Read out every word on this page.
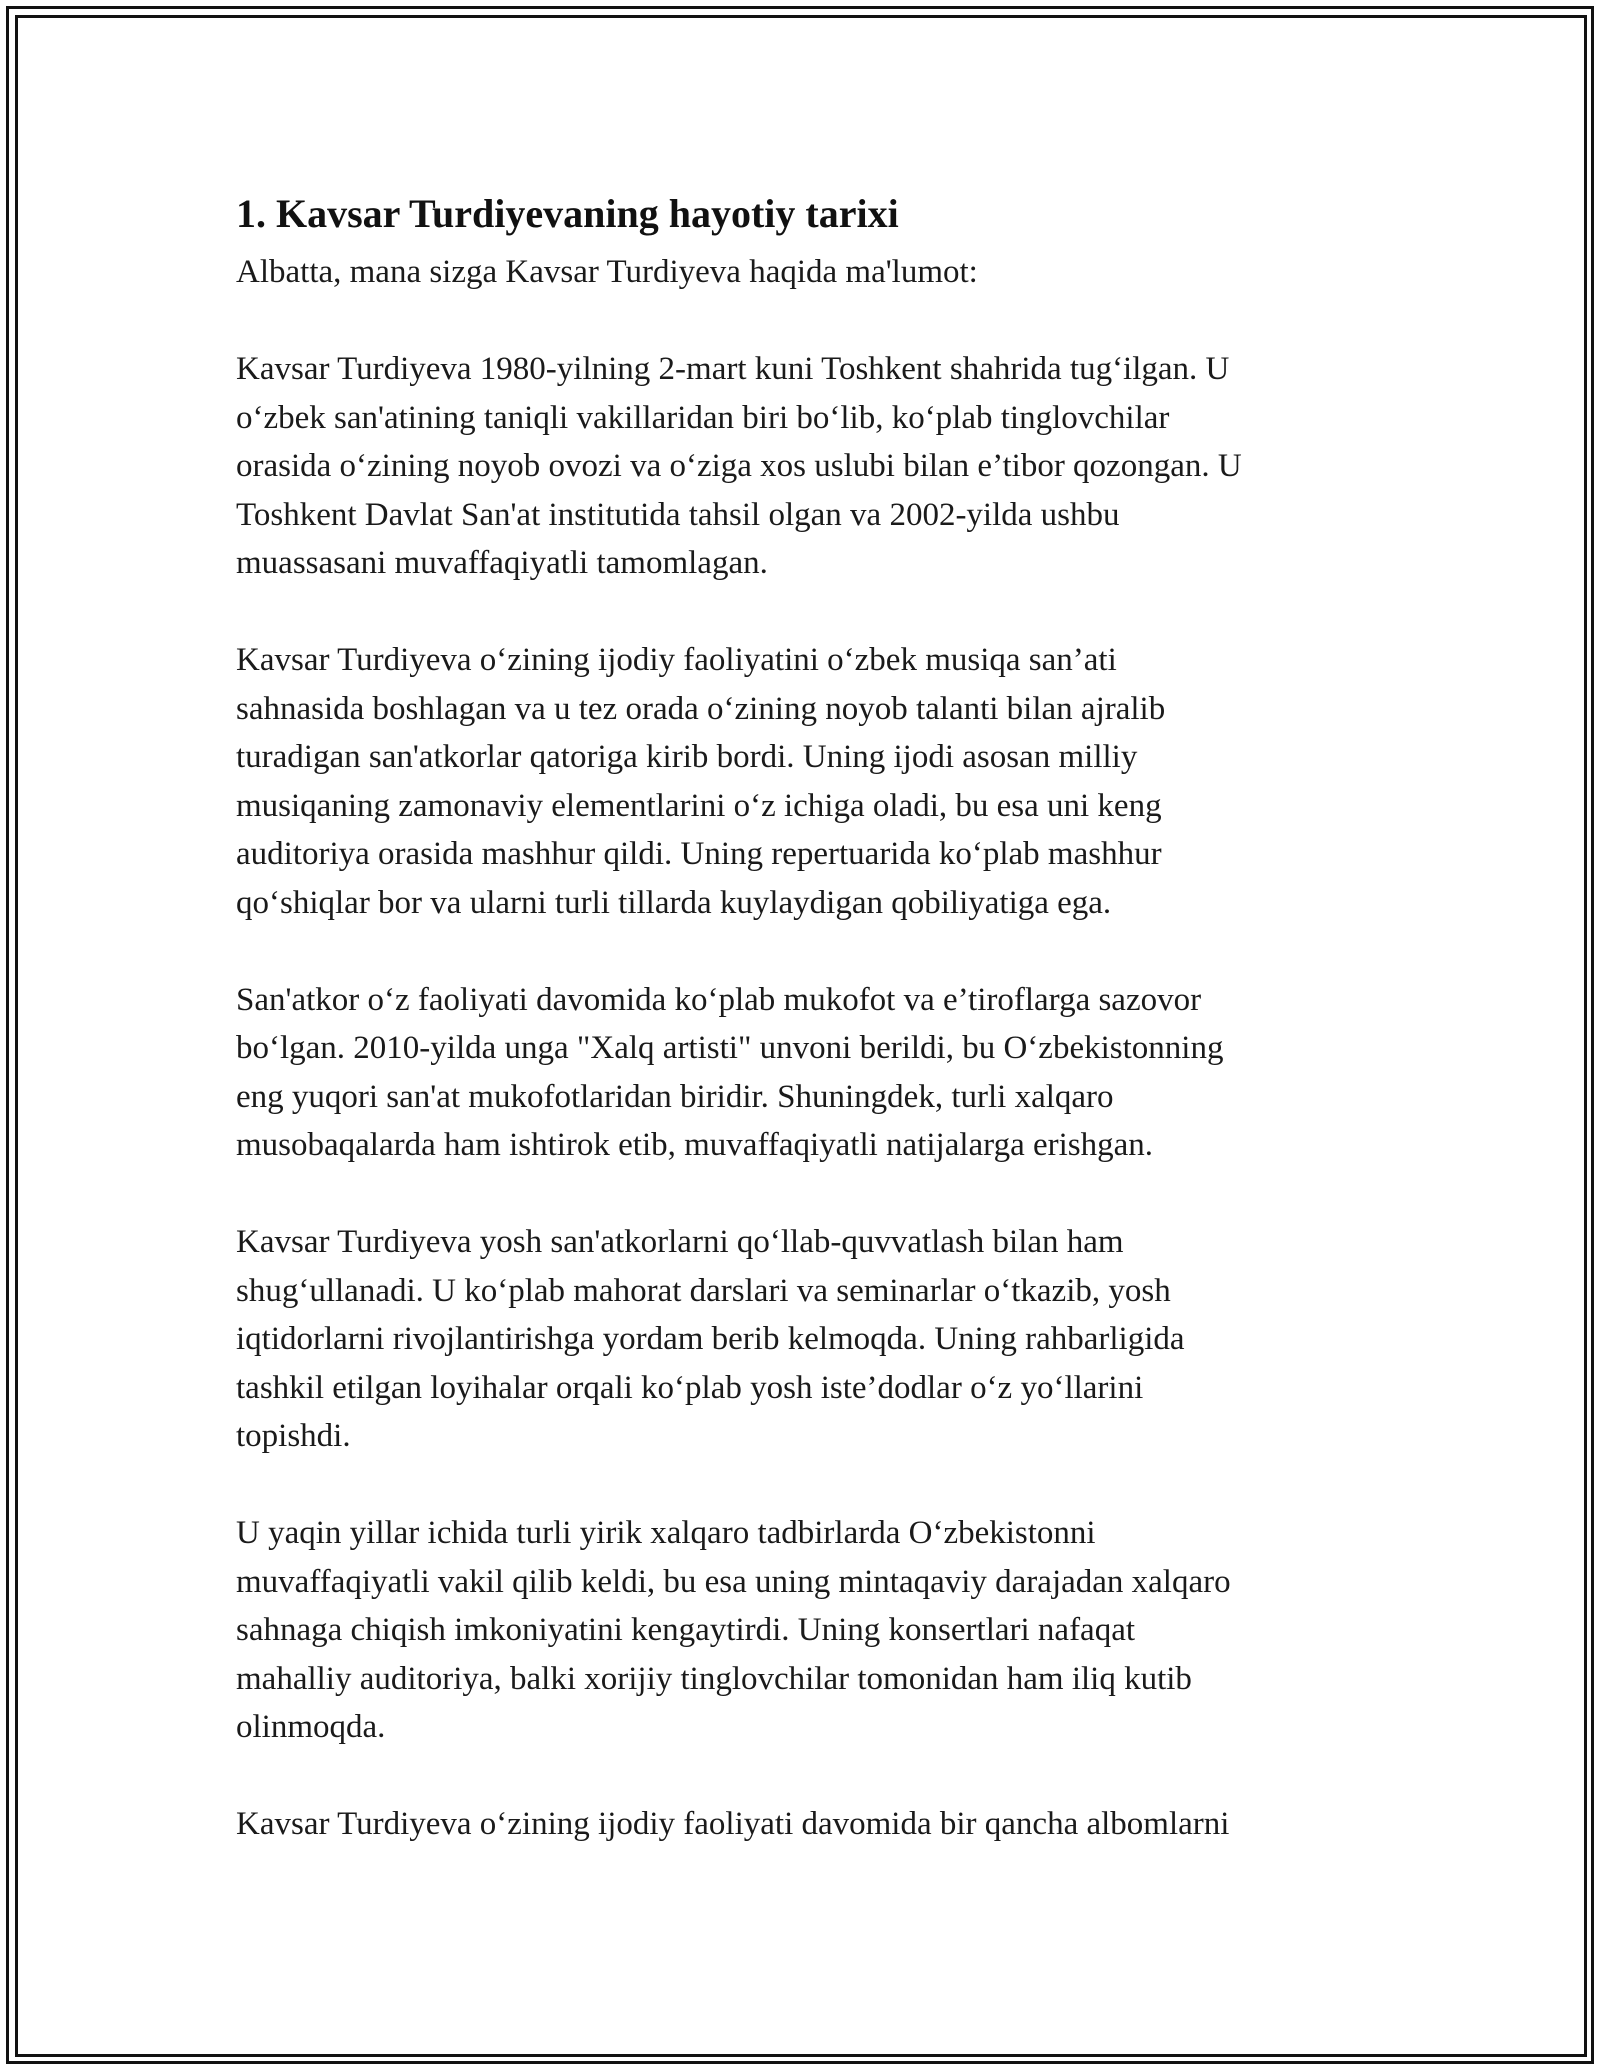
1. Kavsar Turdiyevaning hayotiy tarixi

Albatta, mana sizga Kavsar Turdiyeva haqida ma'lumot:

Kavsar Turdiyeva 1980-yilning 2-mart kuni Toshkent shahrida tug‘ilgan. U
o‘zbek san'atining taniqli vakillaridan biri bo‘lib, ko‘plab tinglovchilar
orasida o‘zining noyob ovozi va o‘ziga xos uslubi bilan e’tibor qozongan. U
Toshkent Davlat San'at institutida tahsil olgan va 2002-yilda ushbu
muassasani muvaffaqiyatli tamomlagan.

Kavsar Turdiyeva o‘zining ijodiy faoliyatini o‘zbek musiqa san’ati
sahnasida boshlagan va u tez orada o‘zining noyob talanti bilan ajralib
turadigan san'atkorlar qatoriga kirib bordi. Uning ijodi asosan milliy
musiqaning zamonaviy elementlarini o‘z ichiga oladi, bu esa uni keng
auditoriya orasida mashhur qildi. Uning repertuarida ko‘plab mashhur
qo‘shiqlar bor va ularni turli tillarda kuylaydigan qobiliyatiga ega.

San'atkor o‘z faoliyati davomida ko‘plab mukofot va e’tiroflarga sazovor
bo‘lgan. 2010-yilda unga "Xalq artisti" unvoni berildi, bu O‘zbekistonning
eng yuqori san'at mukofotlaridan biridir. Shuningdek, turli xalqaro
musobaqalarda ham ishtirok etib, muvaffaqiyatli natijalarga erishgan.

Kavsar Turdiyeva yosh san'atkorlarni qo‘llab-quvvatlash bilan ham
shug‘ullanadi. U ko‘plab mahorat darslari va seminarlar o‘tkazib, yosh
iqtidorlarni rivojlantirishga yordam berib kelmoqda. Uning rahbarligida
tashkil etilgan loyihalar orqali ko‘plab yosh iste’dodlar o‘z yo‘llarini
topishdi.

U yaqin yillar ichida turli yirik xalqaro tadbirlarda O‘zbekistonni
muvaffaqiyatli vakil qilib keldi, bu esa uning mintaqaviy darajadan xalqaro
sahnaga chiqish imkoniyatini kengaytirdi. Uning konsertlari nafaqat
mahalliy auditoriya, balki xorijiy tinglovchilar tomonidan ham iliq kutib
olinmoqda.

Kavsar Turdiyeva o‘zining ijodiy faoliyati davomida bir qancha albomlarni
